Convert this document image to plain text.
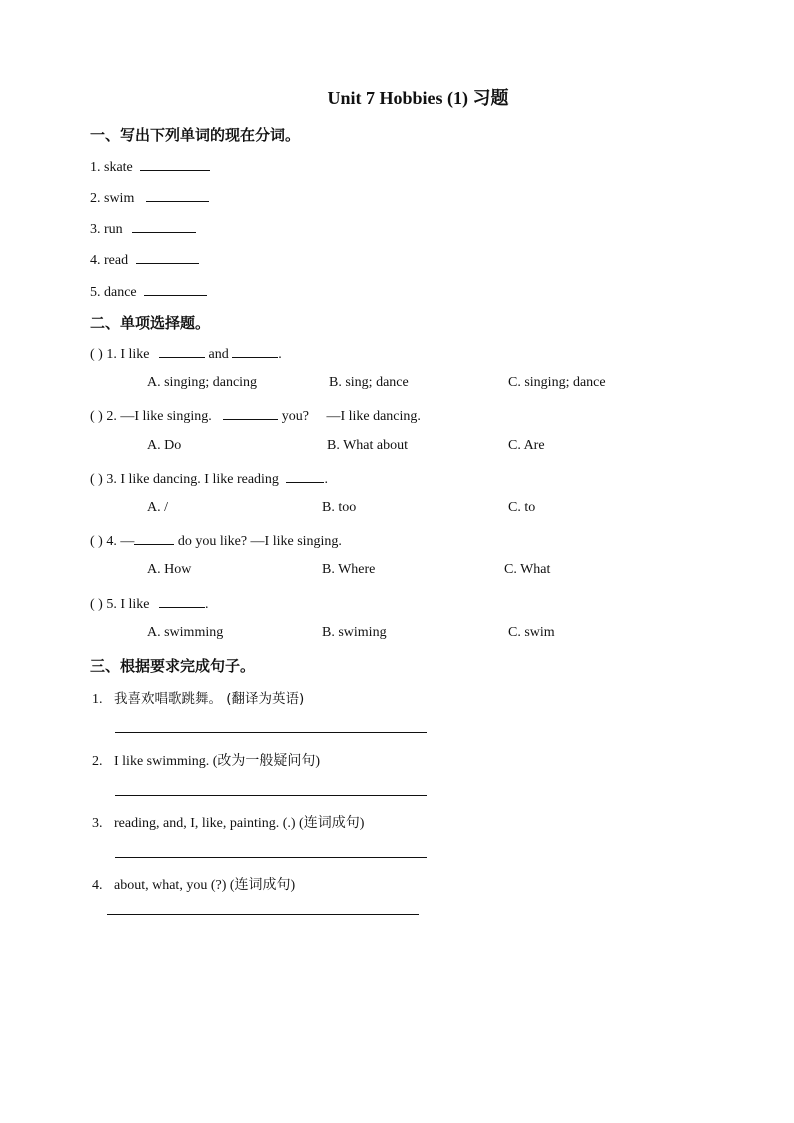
Unit 7 Hobbies (1) 习题
一、写出下列单词的现在分词。
1. skate
2. swim
3. run
4. read
5. dance
二、单项选择题。
( ) 1. I like	and	.
A. singing; dancing	B. sing; dance	C. singing; dance
( ) 2. —I like singing.	you? —I like dancing.
A. Do	B. What about	C. Are
( ) 3. I like dancing. I like reading	.
A. /	B. too	C. to
( ) 4. —	do you like? —I like singing.
A. How	B. Where	C. What
( ) 5. I like	.
A. swimming	B. swiming	C. swim
三、根据要求完成句子。
1. 我喜欢唱歌跳舞。 (翻译为英语)
2. I like swimming. (改为一般疑问句)
3. reading, and, I, like, painting. (.) (连词成句)
4. about, what, you (?) (连词成句)
